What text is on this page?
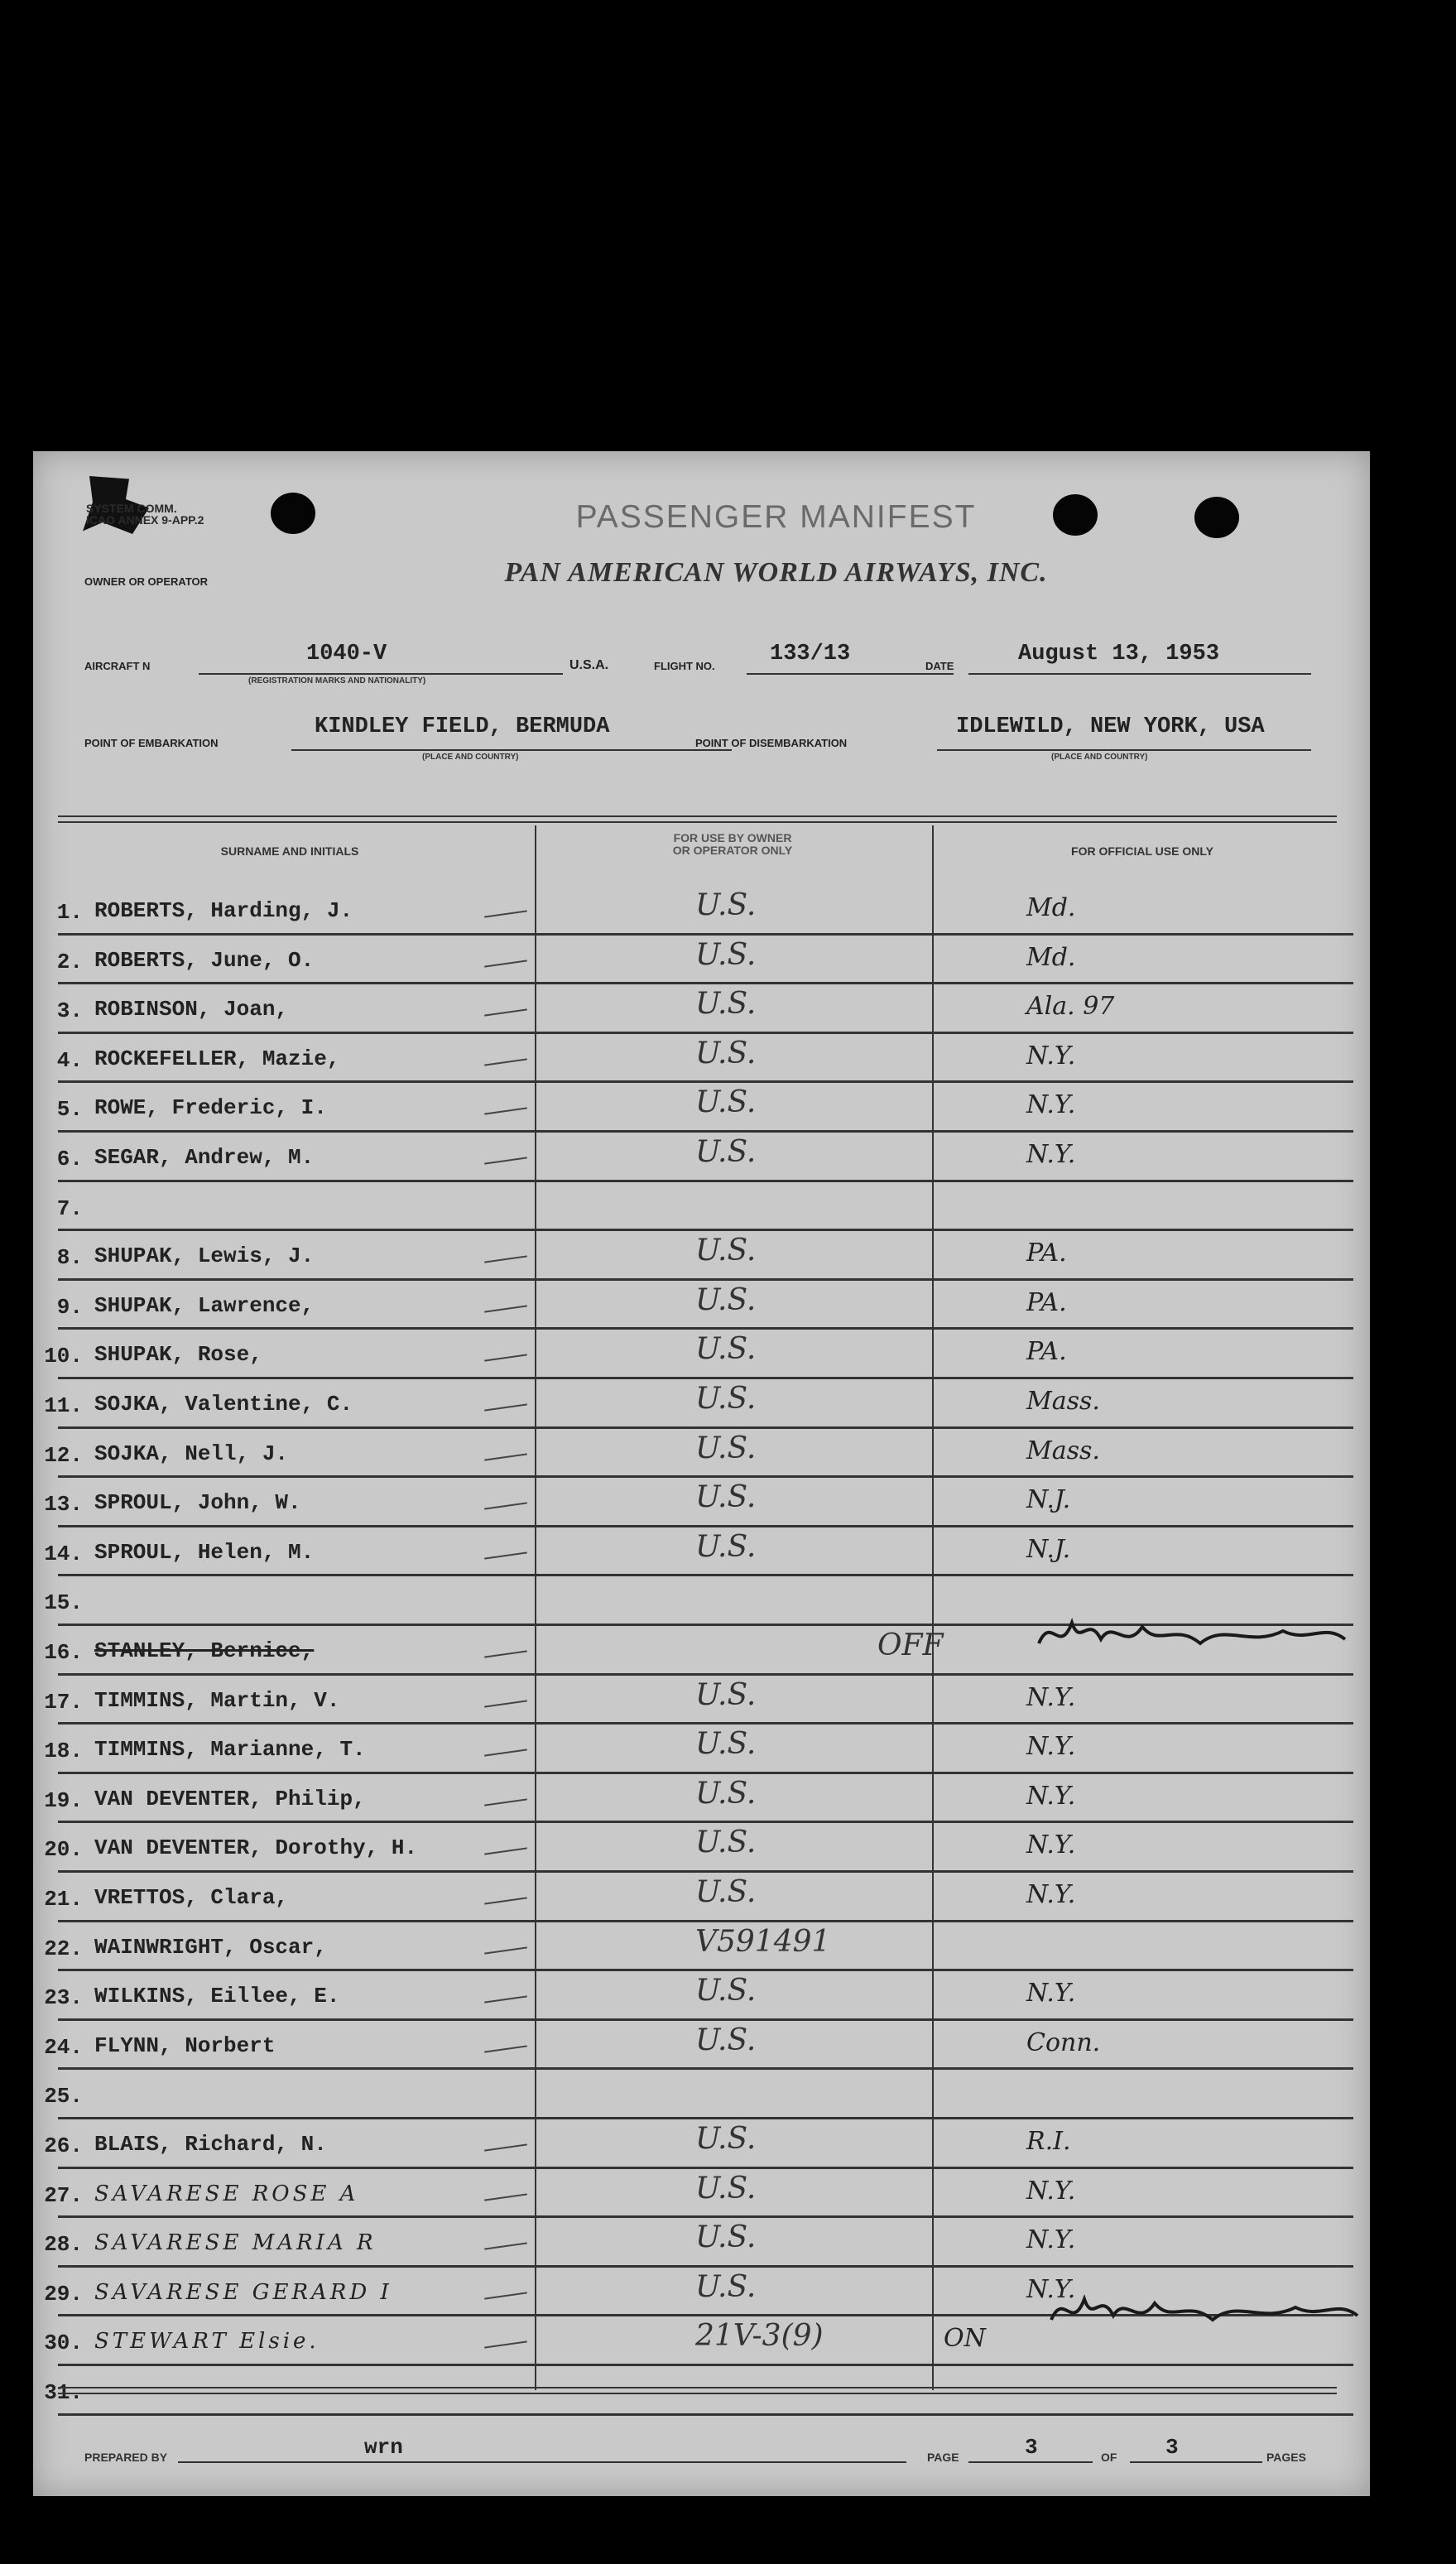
SYSTEM COMM.
ICAO ANNEX 9-APP.2	PASSENGER MANIFEST
OWNER OR OPERATOR	PAN AMERICAN WORLD AIRWAYS, INC.
AIRCRAFT N	1040-V
(REGISTRATION MARKS AND NATIONALITY)
U.S.A.	FLIGHT NO. 133/13	DATE	August 13, 1953
POINT OF EMBARKATION
KINDLEY FIELD, BERMUDA
(PLACE AND COUNTRY)
POINT OF DISEMBARKATION
IDLEWILD, NEW YORK, USA
(PLACE AND COUNTRY)
SURNAME AND INITIALS
FOR USE BY OWNER
OR OPERATOR ONLY	FOR OFFICIAL USE ONLY
1. ROBERTS, Harding, J.	U.S.	Md.
2. ROBERTS, June, O.	U.S.	Md.
3. ROBINSON, Joan,	U.S.	Ala. 97
4. ROCKEFELLER, Mazie,	U.S.	N.Y.
5. ROWE, Frederic, I.	U.S.	N.Y.
6. SEGAR, Andrew, M.	U.S.	N.Y.
7.
8. SHUPAK, Lewis, J.	U.S.	PA.
9. SHUPAK, Lawrence,	U.S.	PA.
10. SHUPAK, Rose,	U.S.	PA.
11. SOJKA, Valentine, C.	U.S.	Mass.
12. SOJKA, Nell, J.	U.S.	Mass.
13. SPROUL, John, W.	U.S.	N.J.
14. SPROUL, Helen, M.	U.S.	N.J.
15.
16. STANLEY, Bernice,	OFF
17. TIMMINS, Martin, V.	U.S.	N.Y.
18. TIMMINS, Marianne, T.	U.S.	N.Y.
19. VAN DEVENTER, Philip,	U.S.	N.Y.
20. VAN DEVENTER, Dorothy, H.	U.S.	N.Y.
21. VRETTOS, Clara,	U.S.	N.Y.
22. WAINWRIGHT, Oscar,	V591491
23. WILKINS, Eillee, E.	U.S.	N.Y.
24. FLYNN, Norbert	U.S.	Conn.
25.
26. BLAIS, Richard, N.	U.S.	R.I.
27. SAVARESE ROSE A	U.S.	N.Y.
28. SAVARESE MARIA R	U.S.	N.Y.
29. SAVARESE GERARD I	U.S.	N.Y.
30. STEWART Elsie.	21V-3(9)	ON
31.
PREPARED BY	wrn	PAGE	3	OF 3	PAGES
